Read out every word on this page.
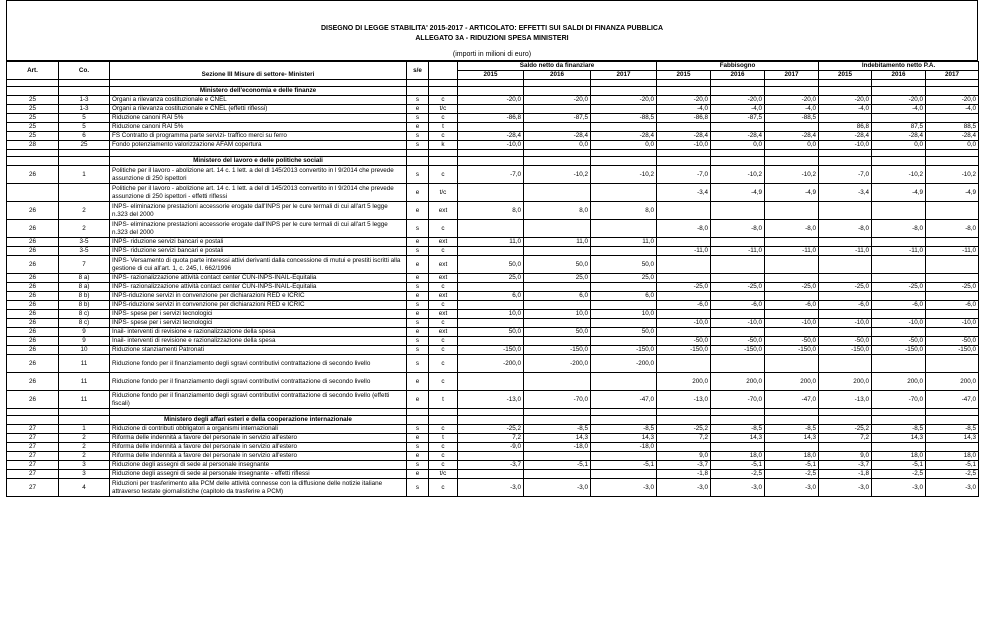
DISEGNO DI LEGGE STABILITA' 2015-2017 - ARTICOLATO: EFFETTI SUI SALDI DI FINANZA PUBBLICA
ALLEGATO 3A - RIDUZIONI SPESA MINISTERI
(importi in milioni di euro)
Art.	Co.	Sezione III Misure di settore- Ministeri	s/e		Saldo netto da finanziare			Fabbisogno			Indebitamento netto P.A.		
					2015	2016	2017	2015	2016	2017	2015	2016	2017

		Ministero dell'economia e delle finanze											
25	1-3	Organi a rilevanza costituzionale e CNEL	s	c	-20,0	-20,0	-20,0	-20,0	-20,0	-20,0	-20,0	-20,0	-20,0
25	1-3	Organi a rilevanza costituzionale e CNEL (effetti riflessi)	e	t/c				-4,0	-4,0	-4,0	-4,0	-4,0	-4,0
25	5	Riduzione canoni RAI 5%	s	c	-86,8	-87,5	-88,5	-86,8	-87,5	-88,5			
25	5	Riduzione canoni RAI 5%	e	t							86,8	87,5	88,5
25	6	FS Contratto di programma parte servizi- traffico merci su ferro	s	c	-28,4	-28,4	-28,4	-28,4	-28,4	-28,4	-28,4	-28,4	-28,4
28	25	Fondo potenziamento valorizzazione AFAM copertura	s	k	-10,0	0,0	0,0	-10,0	0,0	0,0	-10,0	0,0	0,0

		Ministero del lavoro e delle politiche sociali											
26	1	Politiche per il lavoro - abolizione art. 14 c. 1 lett. a del dl 145/2013 convertito in l 9/2014 che prevede assunzione di 250 ispettori	s	c	-7,0	-10,2	-10,2	-7,0	-10,2	-10,2	-7,0	-10,2	-10,2
		Politiche per il lavoro - abolizione art. 14 c. 1 lett. a del dl 145/2013 convertito in l 9/2014 che prevede assunzione di 250 ispettori - effetti riflessi	e	t/c				-3,4	-4,9	-4,9	-3,4	-4,9	-4,9
26	2	INPS- eliminazione prestazioni accessorie erogate dall'INPS per le cure termali di cui all'art 5 legge n.323 del 2000	e	ext	8,0	8,0	8,0						
26	2	INPS- eliminazione prestazioni accessorie erogate dall'INPS per le cure termali di cui all'art 5 legge n.323 del 2000	s	c				-8,0	-8,0	-8,0	-8,0	-8,0	-8,0
26	3-5	INPS- riduzione servizi bancari e postali	e	ext	11,0	11,0	11,0						
26	3-5	INPS- riduzione servizi bancari e postali	s	c				-11,0	-11,0	-11,0	-11,0	-11,0	-11,0
26	7	INPS- Versamento di quota parte interessi attivi derivanti dalla concessione di mutui e prestiti iscritti alla gestione di cui all'art. 1, c. 245, l. 662/1996	e	ext	50,0	50,0	50,0						
26	8 a)	INPS- razionalizzazione attività contact center CUN-INPS-INAIL-Equitalia	e	ext	25,0	25,0	25,0						
26	8 a)	INPS- razionalizzazione attività contact center CUN-INPS-INAIL-Equitalia	s	c				-25,0	-25,0	-25,0	-25,0	-25,0	-25,0
26	8 b)	INPS-riduzione servizi in convenzione per dichiarazioni RED e ICRIC	e	ext	6,0	6,0	6,0						
26	8 b)	INPS-riduzione servizi in convenzione per dichiarazioni RED e ICRIC	s	c				-6,0	-6,0	-6,0	-6,0	-6,0	-6,0
26	8 c)	INPS- spese per i servizi tecnologici	e	ext	10,0	10,0	10,0						
26	8 c)	INPS- spese per i servizi tecnologici	s	c				-10,0	-10,0	-10,0	-10,0	-10,0	-10,0
26	9	Inail- interventi di revisione e razionalizzazione della spesa	e	ext	50,0	50,0	50,0						
26	9	Inail- interventi di revisione e razionalizzazione della spesa	s	c				-50,0	-50,0	-50,0	-50,0	-50,0	-50,0
26	10	Riduzione stanziamenti Patronati	s	c	-150,0	-150,0	-150,0	-150,0	-150,0	-150,0	-150,0	-150,0	-150,0
26	11	Riduzione fondo per il finanziamento degli sgravi contributivi contrattazione di secondo livello	s	c	-200,0	-200,0	-200,0						
26	11	Riduzione fondo per il finanziamento degli sgravi contributivi contrattazione di secondo livello	e	c				200,0	200,0	200,0	200,0	200,0	200,0
26	11	Riduzione fondo per il finanziamento degli sgravi contributivi contrattazione di secondo livello (effetti fiscali)	e	t	-13,0	-70,0	-47,0	-13,0	-70,0	-47,0	-13,0	-70,0	-47,0

		Ministero degli affari esteri e della cooperazione internazionale											
27	1	Riduzione di contributi obbligatori a organismi internazionali	s	c	-25,2	-8,5	-8,5	-25,2	-8,5	-8,5	-25,2	-8,5	-8,5
27	2	Riforma delle indennità a favore del personale in servizio all'estero	e	t	7,2	14,3	14,3	7,2	14,3	14,3	7,2	14,3	14,3
27	2	Riforma delle indennità a favore del personale in servizio all'estero	s	c	-9,0	-18,0	-18,0						
27	2	Riforma delle indennità a favore del personale in servizio all'estero	e	c				9,0	18,0	18,0	9,0	18,0	18,0
27	3	Riduzione degli assegni di sede al personale insegnante	s	c	-3,7	-5,1	-5,1	-3,7	-5,1	-5,1	-3,7	-5,1	-5,1
27	3	Riduzione degli assegni di sede al personale insegnante - effetti riflessi	e	t/c				-1,8	-2,5	-2,5	-1,8	-2,5	-2,5
27	4	Riduzioni per trasferimento alla PCM delle attività connesse con la diffusione delle notizie italiane attraverso testate giornalistiche (capitolo da trasferire a PCM)	s	c	-3,0	-3,0	-3,0	-3,0	-3,0	-3,0	-3,0	-3,0	-3,0
